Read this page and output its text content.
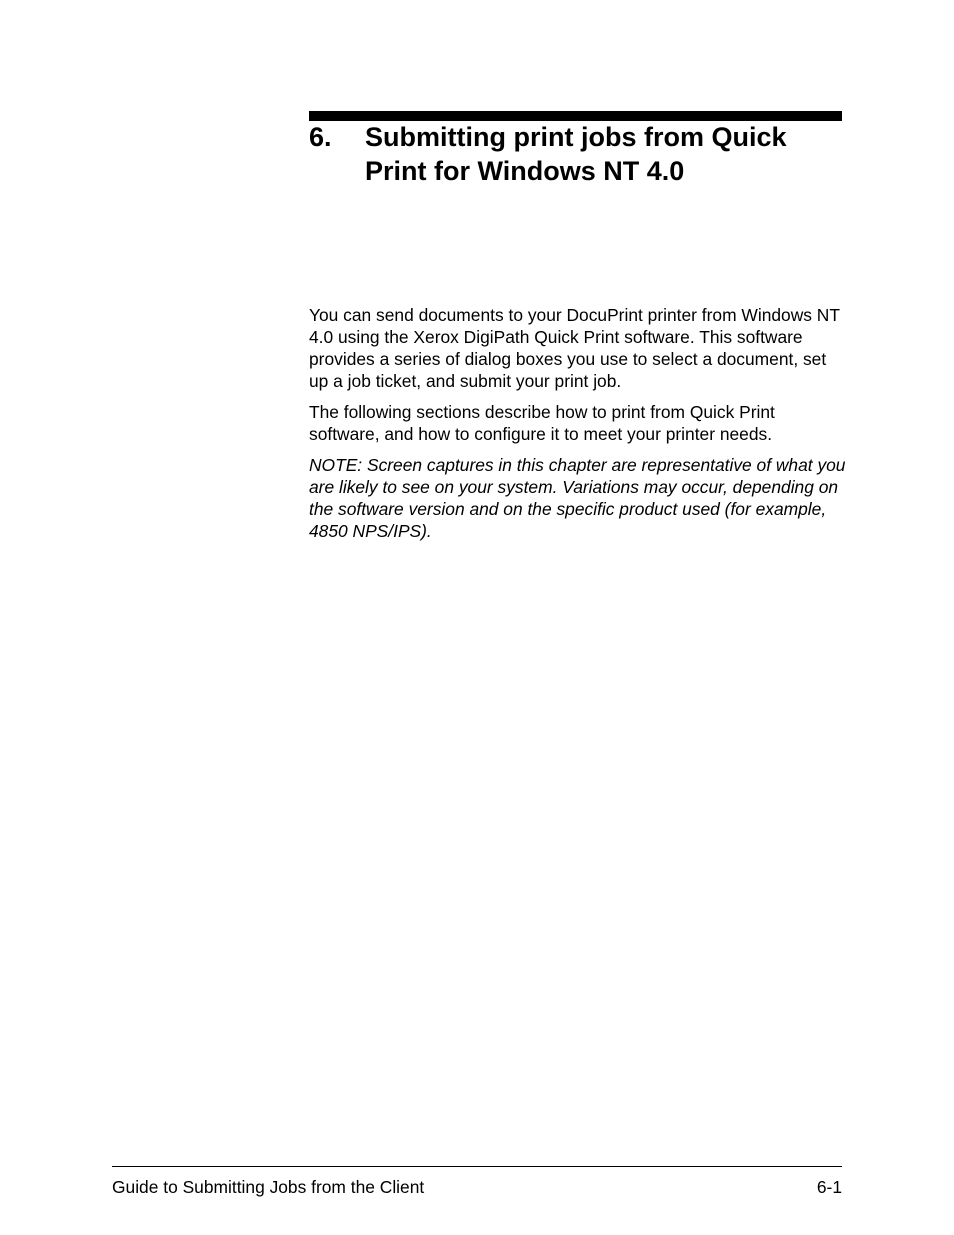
6. Submitting print jobs from Quick Print for Windows NT 4.0

You can send documents to your DocuPrint printer from Windows NT 4.0 using the Xerox DigiPath Quick Print software. This software provides a series of dialog boxes you use to select a document, set up a job ticket, and submit your print job.

The following sections describe how to print from Quick Print software, and how to configure it to meet your printer needs.

NOTE: Screen captures in this chapter are representative of what you are likely to see on your system. Variations may occur, depending on the software version and on the specific product used (for example, 4850 NPS/IPS).

Guide to Submitting Jobs from the Client	6-1
